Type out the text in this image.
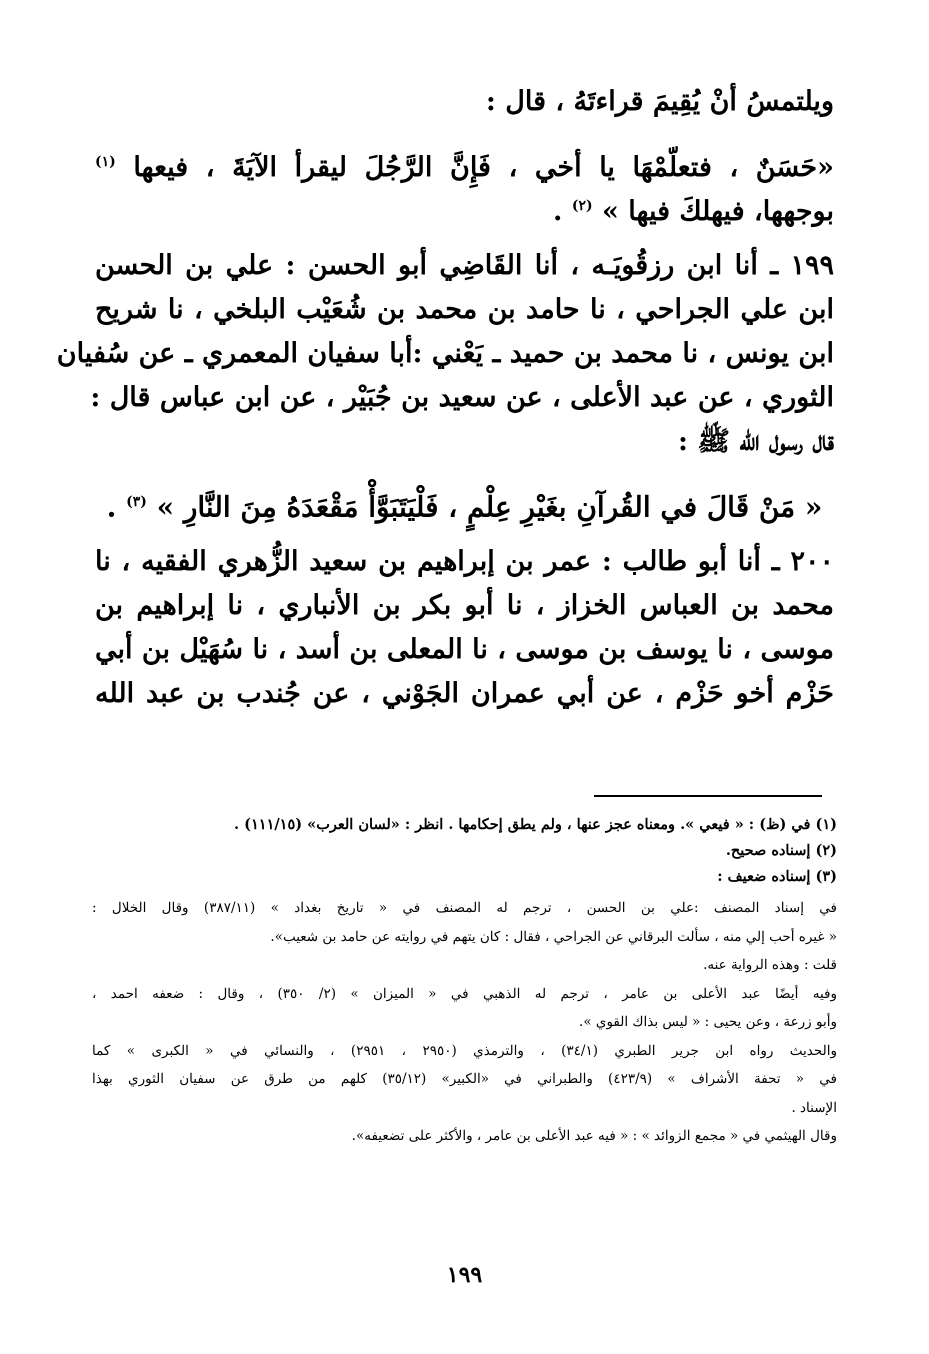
ويلتمسُ أنْ يُقِيمَ قراءتَهُ ، قال :
«حَسَنٌ ، فتعلّمْهَا يا أخي ، فَإِنَّ الرَّجُلَ ليقرأ الآيَةَ ، فيعها $^{(١)}$
بوجهها، فيهلكَ فيها » $^{(٢)}$ .
١٩٩ ـ أنا ابن رزقُويَـه ، أنا القَاضِي أبو الحسن : علي بن الحسن
ابن علي الجراحي ، نا حامد بن محمد بن شُعَيْب البلخي ، نا شريح
ابن يونس ، نا محمد بن حميد ـ يَعْني :أبا سفيان المعمري ـ عن سُفيان
الثوري ، عن عبد الأعلى ، عن سعيد بن جُبَيْر ، عن ابن عباس قال :
قال رسول الله ﷺ :
« مَنْ قَالَ في القُرآنِ بغَيْرِ عِلْمٍ ، فَلْيَتَبَوَّأْ مَقْعَدَهُ مِنَ النَّارِ » $^{(٣)}$ .
٢٠٠ ـ أنا أبو طالب : عمر بن إبراهيم بن سعيد الزُّهري الفقيه ، نا
محمد بن العباس الخزاز ، نا أبو بكر بن الأنباري ، نا إبراهيم بن
موسى ، نا يوسف بن موسى ، نا المعلى بن أسد ، نا سُهَيْل بن أبي
حَزْم أخو حَزْم ، عن أبي عمران الجَوْني ، عن جُندب بن عبد الله
(١) في (ظ) : « فيعي ». ومعناه عجز عنها ، ولم يطق إحكامها . انظر : «لسان العرب» (١١١/١٥) .
(٢) إسناده صحيح.
(٣) إسناده ضعيف :
في إسناد المصنف :علي بن الحسن ، ترجم له المصنف في « تاريخ بغداد » (٣٨٧/١١) وقال الخلال :
« غيره أحب إلي منه ، سألت البرقاني عن الجراحي ، فقال : كان يتهم في روايته عن حامد بن شعيب».
قلت : وهذه الرواية عنه.
وفيه أيضًا عبد الأعلى بن عامر ، ترجم له الذهبي في « الميزان » (٢/ ٣٥٠) ، وقال : ضعفه احمد ،
وأبو زرعة ، وعن يحيى : « ليس بذاك القوي ».
والحديث رواه ابن جرير الطبري (٣٤/١) ، والترمذي (٢٩٥٠ ، ٢٩٥١) ، والنسائي في « الكبرى » كما
في « تحفة الأشراف » (٤٢٣/٩) والطبراني في «الكبير» (٣٥/١٢) كلهم من طرق عن سفيان الثوري بهذا
الإسناد .
وقال الهيثمي في « مجمع الزوائد » : « فيه عبد الأعلى بن عامر ، والأكثر على تضعيفه».
١٩٩
